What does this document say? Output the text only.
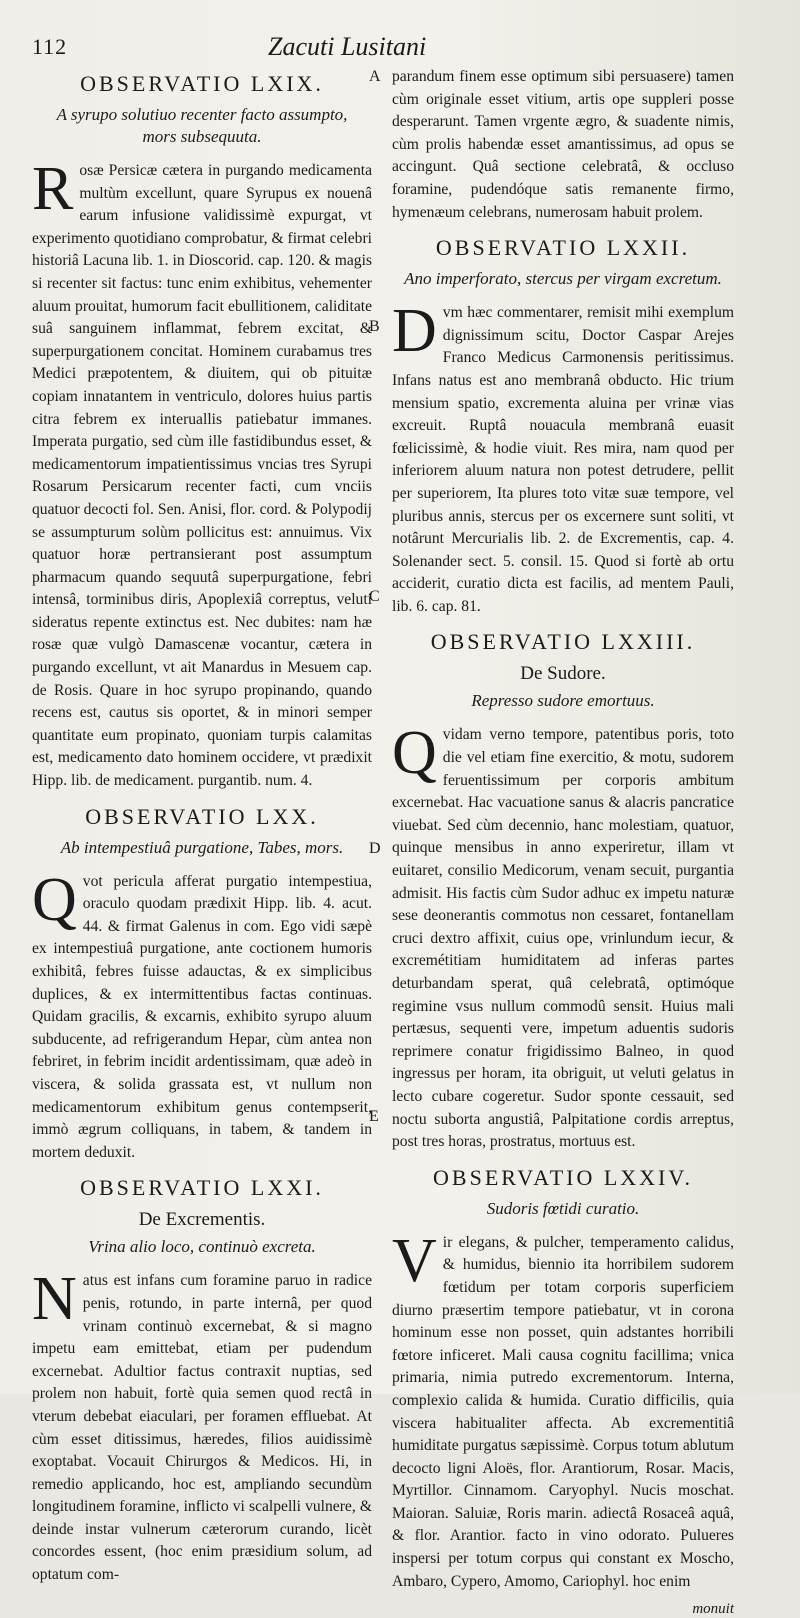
112	Zacuti Lusitani
OBSERVATIO LXIX.
A syrupo solutiuo recenter facto assumpto, mors subsequuta.
R osæ Persicæ cætera in purgando medicamenta multùm excellunt, quare Syrupus ex nouenâ earum infusione validissimè expurgat, vt experimento quotidiano comprobatur, & firmat celebri historiâ Lacuna lib. 1. in Dioscorid. cap. 120. & magis si recenter sit factus: tunc enim exhibitus, vehementer aluum prouitat, humorum facit ebullitionem, caliditate suâ sanguinem inflammat, febrem excitat, & superpurgationem concitat. Hominem curabamus tres Medici præpotentem, & diuitem, qui ob pituitæ copiam innatantem in ventriculo, dolores huius partis citra febrem ex interuallis patiebatur immanes. Imperata purgatio, sed cùm ille fastidibundus esset, & medicamentorum impatientissimus vncias tres Syrupi Rosarum Persicarum recenter facti, cum vnciis quatuor decocti fol. Sen. Anisi, flor. cord. & Polypodij se assumpturum solùm pollicitus est: annuimus. Vix quatuor horæ pertransierant post assumptum pharmacum quando sequutâ superpurgatione, febri intensâ, torminibus diris, Apoplexiâ correptus, veluti sideratus repente extinctus est. Nec dubites: nam hæ rosæ quæ vulgò Damascenæ vocantur, cætera in purgando excellunt, vt ait Manardus in Mesuem cap. de Rosis. Quare in hoc syrupo propinando, quando recens est, cautus sis oportet, & in minori semper quantitate eum propinato, quoniam turpis calamitas est, medicamento dato hominem occidere, vt prædixit Hipp. lib. de medicament. purgantib. num. 4.

OBSERVATIO LXX.
Ab intempestiuâ purgatione, Tabes, mors.
Q vot pericula afferat purgatio intempestiua, oraculo quodam prædixit Hipp. lib. 4. acut. 44. & firmat Galenus in com. Ego vidi sæpè ex intempestiuâ purgatione, ante coctionem humoris exhibitâ, febres fuisse adauctas, & ex simplicibus duplices, & ex intermittentibus factas continuas. Quidam gracilis, & excarnis, exhibito syrupo aluum subducente, ad refrigerandum Hepar, cùm antea non febriret, in febrim incidit ardentissimam, quæ adeò in viscera, & solida grassata est, vt nullum non medicamentorum exhibitum genus contempserit, immò ægrum colliquans, in tabem, & tandem in mortem deduxit.

OBSERVATIO LXXI.
De Excrementis.
Vrina alio loco, continuò excreta.
N atus est infans cum foramine paruo in radice penis, rotundo, in parte internâ, per quod vrinam continuò excernebat, & si magno impetu eam emittebat, etiam per pudendum excernebat. Adultior factus contraxit nuptias, sed prolem non habuit, fortè quia semen quod rectâ in vterum debebat eiaculari, per foramen effluebat. At cùm esset ditissimus, hæredes, filios auidissimè exoptabat. Vocauit Chirurgos & Medicos. Hi, in remedio applicando, hoc est, ampliando secundùm longitudinem foramine, inflicto vi scalpelli vulnere, & deinde instar vulnerum cæterorum curando, licèt concordes essent, (hoc enim præsidium solum, ad optatum com-

A
B
C
D
E

parandum finem esse optimum sibi persuasere) tamen cùm originale esset vitium, artis ope suppleri posse desperarunt. Tamen vrgente ægro, & suadente nimis, cùm prolis habendæ esset amantissimus, ad opus se accingunt. Quâ sectione celebratâ, & occluso foramine, pudendóque satis remanente firmo, hymenæum celebrans, numerosam habuit prolem.

OBSERVATIO LXXII.
Ano imperforato, stercus per virgam excretum.
D vm hæc commentarer, remisit mihi exemplum dignissimum scitu, Doctor Caspar Arejes Franco Medicus Carmonensis peritissimus. Infans natus est ano membranâ obducto. Hic trium mensium spatio, excrementa aluina per vrinæ vias excreuit. Ruptâ nouacula membranâ euasit fœlicissimè, & hodie viuit. Res mira, nam quod per inferiorem aluum natura non potest detrudere, pellit per superiorem, Ita plures toto vitæ suæ tempore, vel pluribus annis, stercus per os excernere sunt soliti, vt notârunt Mercurialis lib. 2. de Excrementis, cap. 4. Solenander sect. 5. consil. 15. Quod si fortè ab ortu acciderit, curatio dicta est facilis, ad mentem Pauli, lib. 6. cap. 81.

OBSERVATIO LXXIII.
De Sudore.
Represso sudore emortuus.
Q vidam verno tempore, patentibus poris, toto die vel etiam fine exercitio, & motu, sudorem feruentissimum per corporis ambitum excernebat. Hac vacuatione sanus & alacris pancratice viuebat. Sed cùm decennio, hanc molestiam, quatuor, quinque mensibus in anno experiretur, illam vt euitaret, consilio Medicorum, venam secuit, purgantia admisit. His factis cùm Sudor adhuc ex impetu naturæ sese deonerantis commotus non cessaret, fontanellam cruci dextro affixit, cuius ope, vrinlundum iecur, & excremétitiam humiditatem ad inferas partes deturbandam sperat, quâ celebratâ, optimóque regimine vsus nullum commodû sensit. Huius mali pertæsus, sequenti vere, impetum aduentis sudoris reprimere conatur frigidissimo Balneo, in quod ingressus per horam, ita obriguit, ut veluti gelatus in lecto cubare cogeretur. Sudor sponte cessauit, sed noctu suborta angustiâ, Palpitatione cordis arreptus, post tres horas, prostratus, mortuus est.

OBSERVATIO LXXIV.
Sudoris fœtidi curatio.
V ir elegans, & pulcher, temperamento calidus, & humidus, biennio ita horribilem sudorem fœtidum per totam corporis superficiem diurno præsertim tempore patiebatur, vt in corona hominum esse non posset, quin adstantes horribili fœtore inficeret. Mali causa cognitu facillima; vnica primaria, nimia putredo excrementorum. Interna, complexio calida & humida. Curatio difficilis, quia viscera habitualiter affecta. Ab excrementitiâ humiditate purgatus sæpissimè. Corpus totum ablutum decocto ligni Aloës, flor. Arantiorum, Rosar. Macis, Myrtillor. Cinnamom. Caryophyl. Nucis moschat. Maioran. Saluiæ, Roris marin. adiectâ Rosaceâ aquâ, & flor. Arantior. facto in vino odorato. Pulueres inspersi per totum corpus qui constant ex Moscho, Ambaro, Cypero, Amomo, Cariophyl. hoc enim

monuit
